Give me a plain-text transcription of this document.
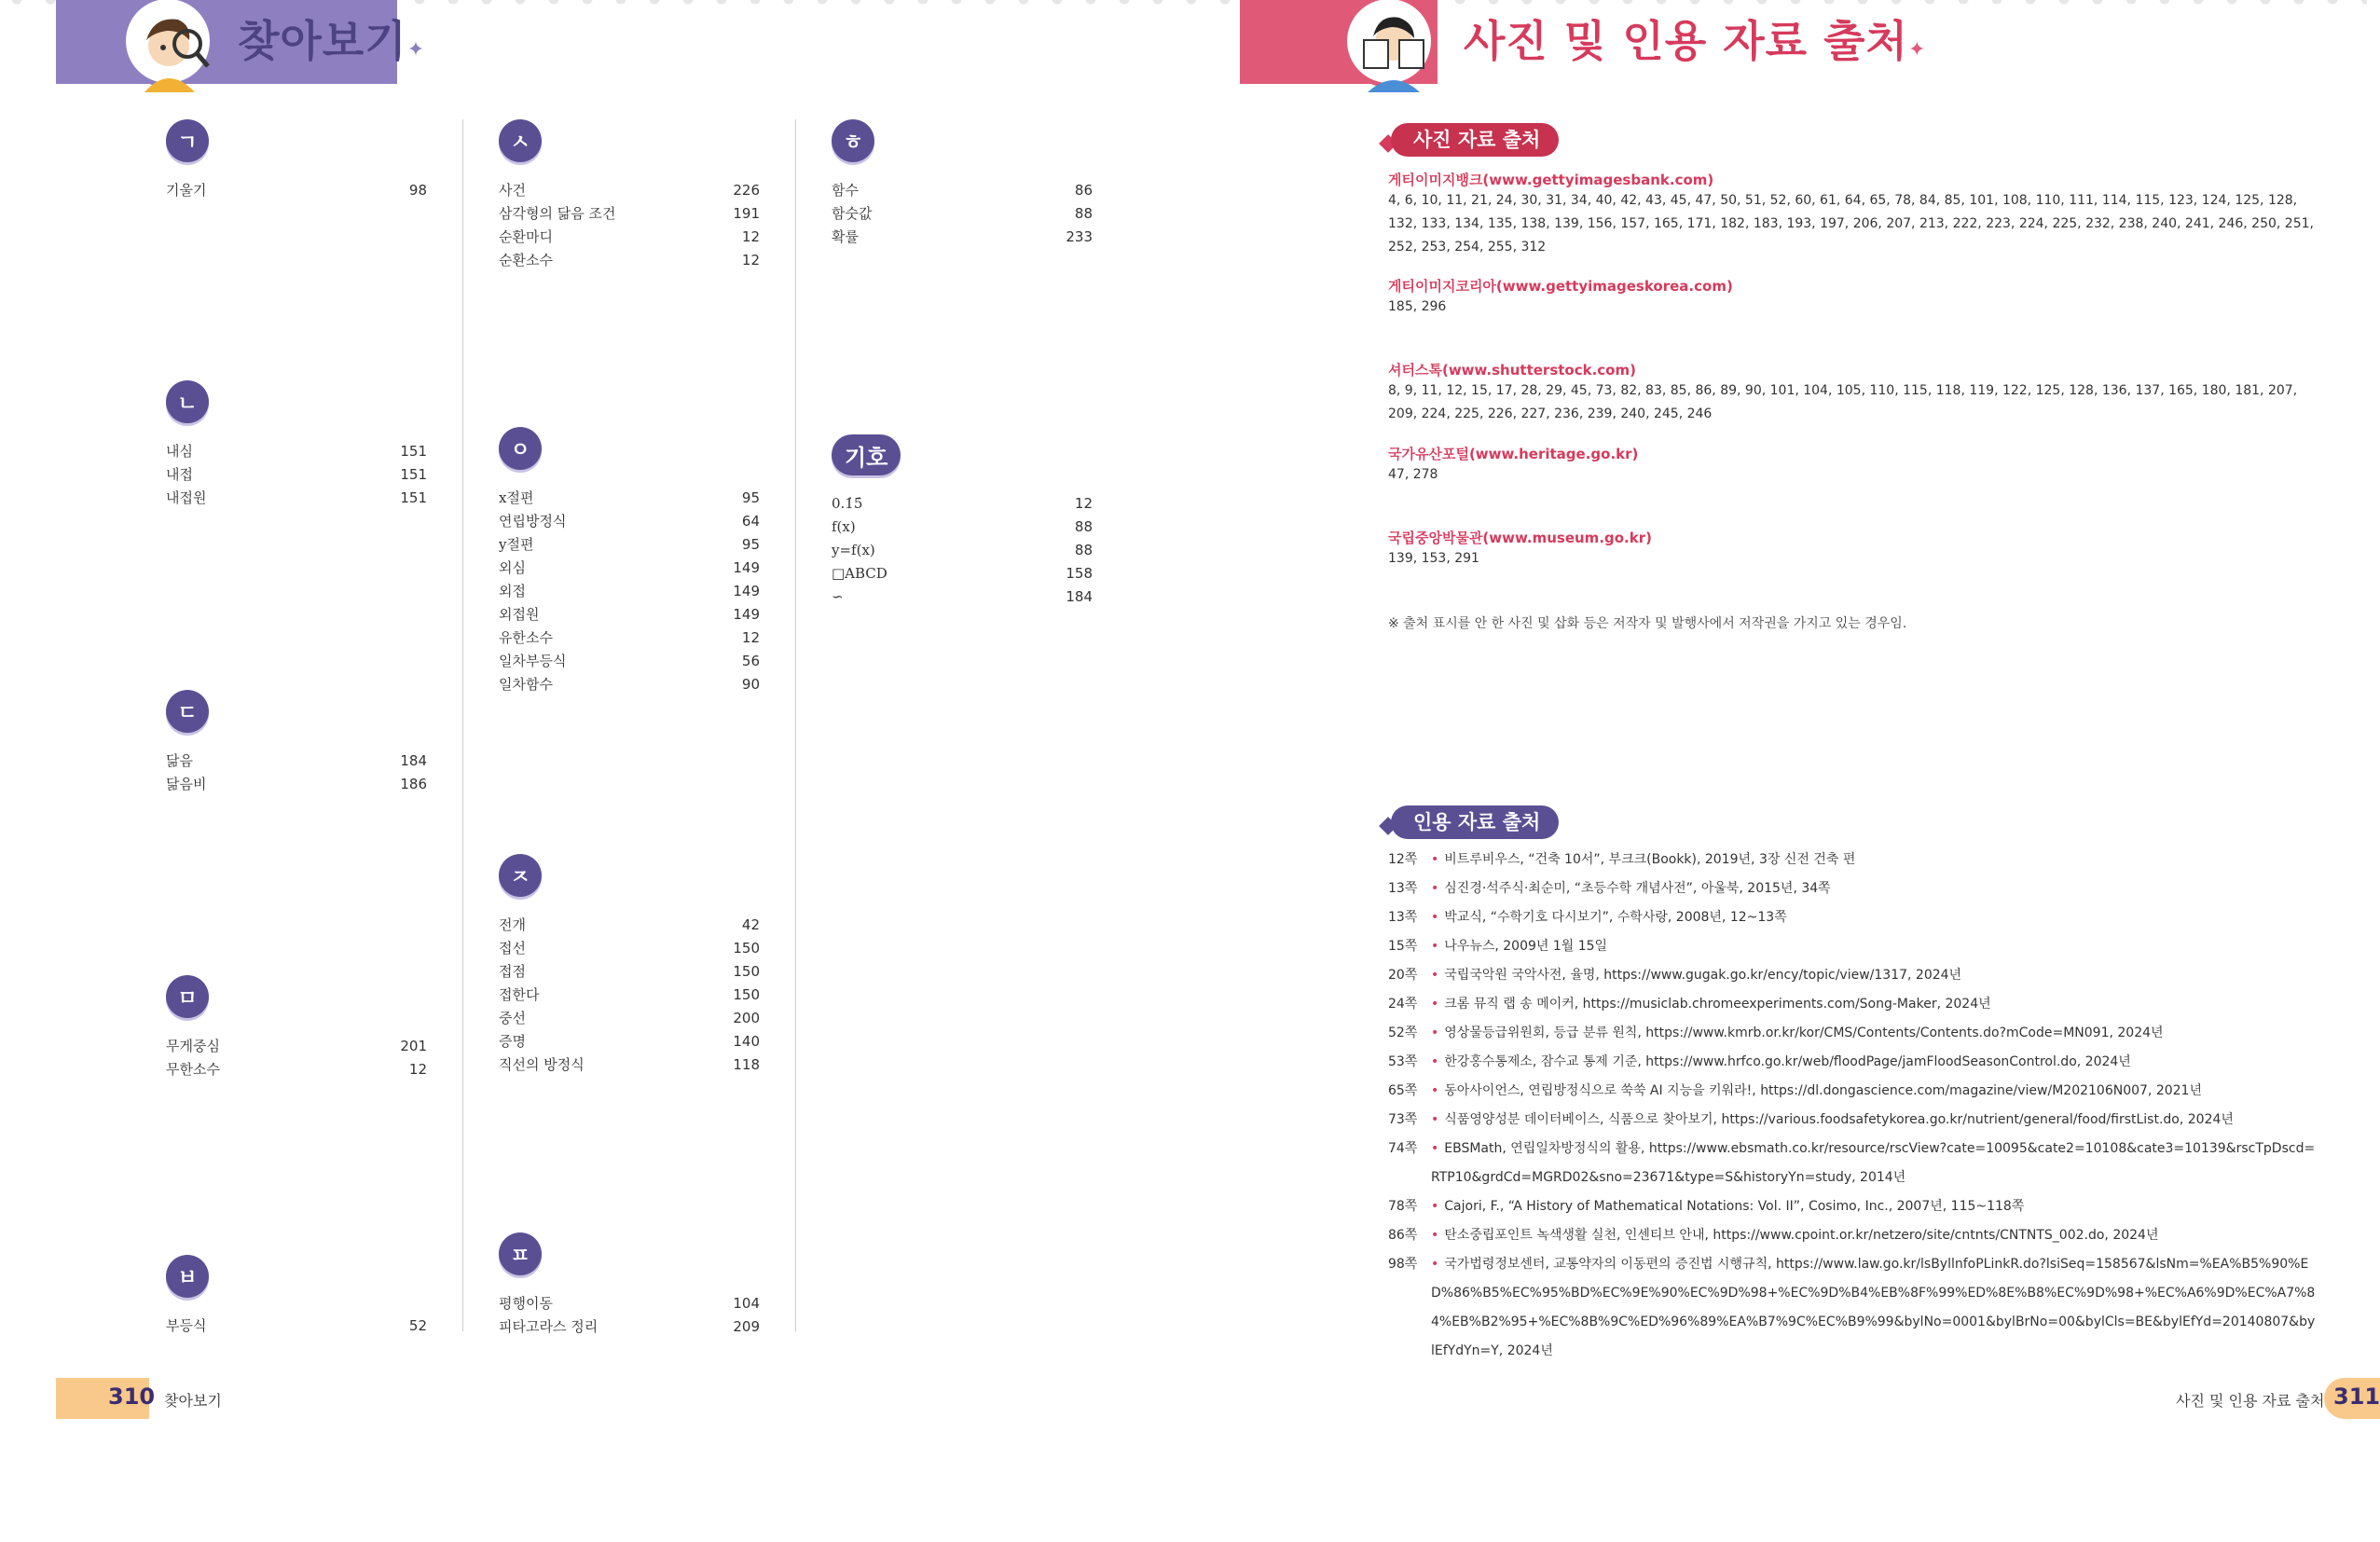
찾아보기✦	사진 및 인용 자료 출처✦
ㄱ
기울기	98
ㄴ
내심	151
내접	151
내접원	151
ㄷ
닮음	184
닮음비	186
ㅁ
무게중심	201
무한소수	12
ㅂ
부등식	52
ㅅ
사건	226
삼각형의 닮음 조건	191
순환마디	12
순환소수	12
ㅇ
x절편	95
연립방정식	64
y절편	95
외심	149
외접	149
외접원	149
유한소수	12
일차부등식	56
일차함수	90
ㅈ
전개	42
접선	150
접점	150
접한다	150
중선	200
증명	140
직선의 방정식	118
ㅍ
평행이동	104
피타고라스 정리	209
ㅎ
함수	86
함숫값	88
확률	233
기호
0.1̇5̇	12
f(x)	88
y=f(x)	88
□ABCD	158
∽	184
사진 자료 출처
게티이미지뱅크(www.gettyimagesbank.com)
4, 6, 10, 11, 21, 24, 30, 31, 34, 40, 42, 43, 45, 47, 50, 51, 52, 60, 61, 64, 65, 78, 84, 85, 101, 108, 110, 111, 114, 115, 123, 124, 125, 128, 132, 133, 134, 135, 138, 139, 156, 157, 165, 171, 182, 183, 193, 197, 206, 207, 213, 222, 223, 224, 225, 232, 238, 240, 241, 246, 250, 251, 252, 253, 254, 255, 312
게티이미지코리아(www.gettyimageskorea.com)
185, 296
셔터스톡(www.shutterstock.com)
8, 9, 11, 12, 15, 17, 28, 29, 45, 73, 82, 83, 85, 86, 89, 90, 101, 104, 105, 110, 115, 118, 119, 122, 125, 128, 136, 137, 165, 180, 181, 207, 209, 224, 225, 226, 227, 236, 239, 240, 245, 246
국가유산포털(www.heritage.go.kr)
47, 278
국립중앙박물관(www.museum.go.kr)
139, 153, 291
※ 출처 표시를 안 한 사진 및 삽화 등은 저작자 및 발행사에서 저작권을 가지고 있는 경우임.
인용 자료 출처
12쪽	• 비트루비우스, “건축 10서”, 부크크(Bookk), 2019년, 3장 신전 건축 편
13쪽	• 심진경·석주식·최순미, “초등수학 개념사전”, 아울북, 2015년, 34쪽
13쪽	• 박교식, “수학기호 다시보기”, 수학사랑, 2008년, 12~13쪽
15쪽	• 나우뉴스, 2009년 1월 15일
20쪽	• 국립국악원 국악사전, 율명, https://www.gugak.go.kr/ency/topic/view/1317, 2024년
24쪽	• 크롬 뮤직 랩 송 메이커, https://musiclab.chromeexperiments.com/Song-Maker, 2024년
52쪽	• 영상물등급위원회, 등급 분류 원칙, https://www.kmrb.or.kr/kor/CMS/Contents/Contents.do?mCode=MN091, 2024년
53쪽	• 한강홍수통제소, 잠수교 통제 기준, https://www.hrfco.go.kr/web/floodPage/jamFloodSeasonControl.do, 2024년
65쪽	• 동아사이언스, 연립방정식으로 쑥쑥 AI 지능을 키워라!, https://dl.dongascience.com/magazine/view/M202106N007, 2021년
73쪽	• 식품영양성분 데이터베이스, 식품으로 찾아보기, https://various.foodsafetykorea.go.kr/nutrient/general/food/firstList.do, 2024년
74쪽	• EBSMath, 연립일차방정식의 활용, https://www.ebsmath.co.kr/resource/rscView?cate=10095&cate2=10108&cate3=10139&rscTpDscd=RTP10&grdCd=MGRD02&sno=23671&type=S&historyYn=study, 2014년
78쪽	• Cajori, F., “A History of Mathematical Notations: Vol. II”, Cosimo, Inc., 2007년, 115~118쪽
86쪽	• 탄소중립포인트 녹색생활 실천, 인센티브 안내, https://www.cpoint.or.kr/netzero/site/cntnts/CNTNTS_002.do, 2024년
98쪽	• 국가법령정보센터, 교통약자의 이동편의 증진법 시행규칙, https://www.law.go.kr/lsByllnfoPLinkR.do?lsiSeq=158567&lsNm=%EA%B5%90%ED%86%B5%EC%95%BD%EC%9E%90%EC%9D%98+%EC%9D%B4%EB%8F%99%ED%8E%B8%EC%9D%98+%EC%A6%9D%EC%A7%84%EB%B2%95+%EC%8B%9C%ED%96%89%EA%B7%9C%EC%B9%99&bylNo=0001&bylBrNo=00&bylCls=BE&bylEfYd=20140807&bylEfYdYn=Y, 2024년
310 찾아보기	311
사진 및 인용 자료 출처
